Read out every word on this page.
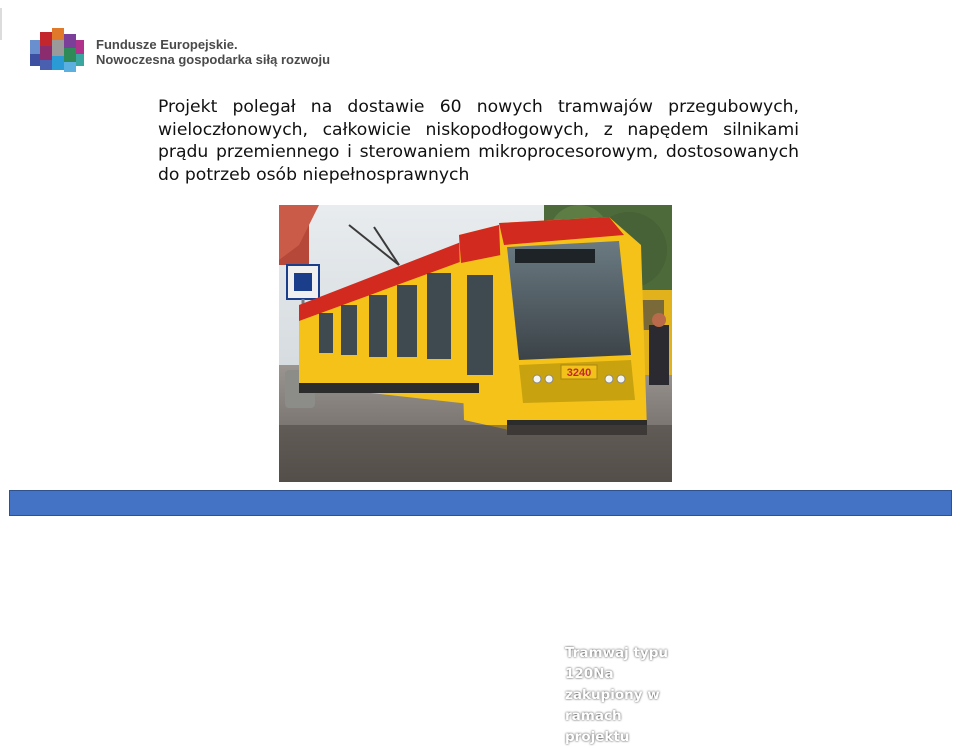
Fundusze Europejskie.
Nowoczesna gospodarka siłą rozwoju
Projekt polegał na dostawie 60 nowych tramwajów przegubowych, wieloczłonowych, całkowicie niskopodłogowych, z napędem silnikami prądu przemiennego i sterowaniem mikroprocesorowym, dostosowanych do potrzeb osób niepełnosprawnych
3240
Tramwaj typu 120Na
zakupiony w ramach projektu
